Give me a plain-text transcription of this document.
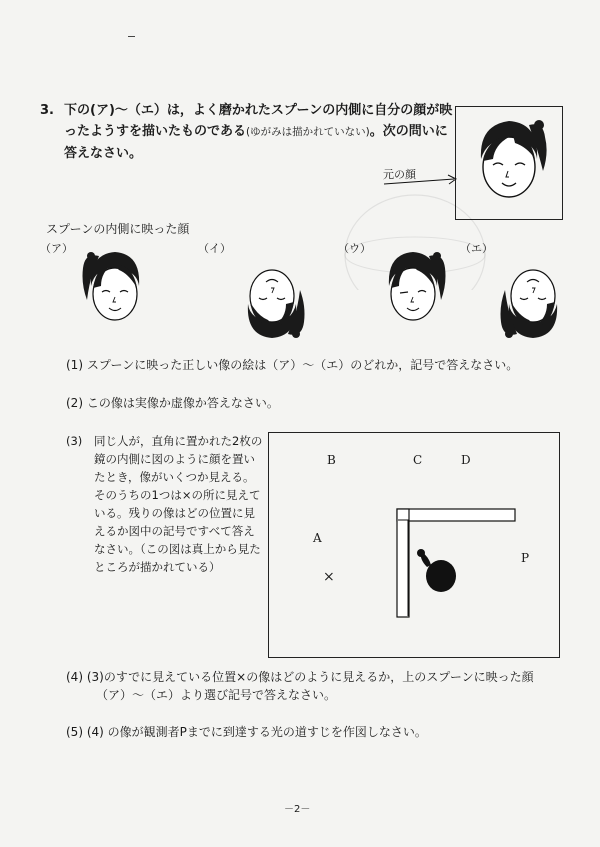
3. 下の(ア)～（エ）は，よく磨かれたスプーンの内側に自分の顔が映ったようすを描いたものである(ゆがみは描かれていない)。次の問いに答えなさい。
元の顔
スプーンの内側に映った顔
（ア）	（イ）	（ウ）	（エ）
(1) スプーンに映った正しい像の絵は（ア）～（エ）のどれか，記号で答えなさい。
(2) この像は実像か虚像か答えなさい。
(3) 同じ人が，直角に置かれた2枚の鏡の内側に図のように顔を置いたとき，像がいくつか見える。そのうちの1つは×の所に見えている。残りの像はどの位置に見えるか図中の記号ですべて答えなさい。（この図は真上から見たところが描かれている）
B	C	D
A
P
×
(4) (3)のすでに見えている位置×の像はどのように見えるか，上のスプーンに映った顔
（ア）～（エ）より選び記号で答えなさい。
(5) (4) の像が観測者Pまでに到達する光の道すじを作図しなさい。
－2－
